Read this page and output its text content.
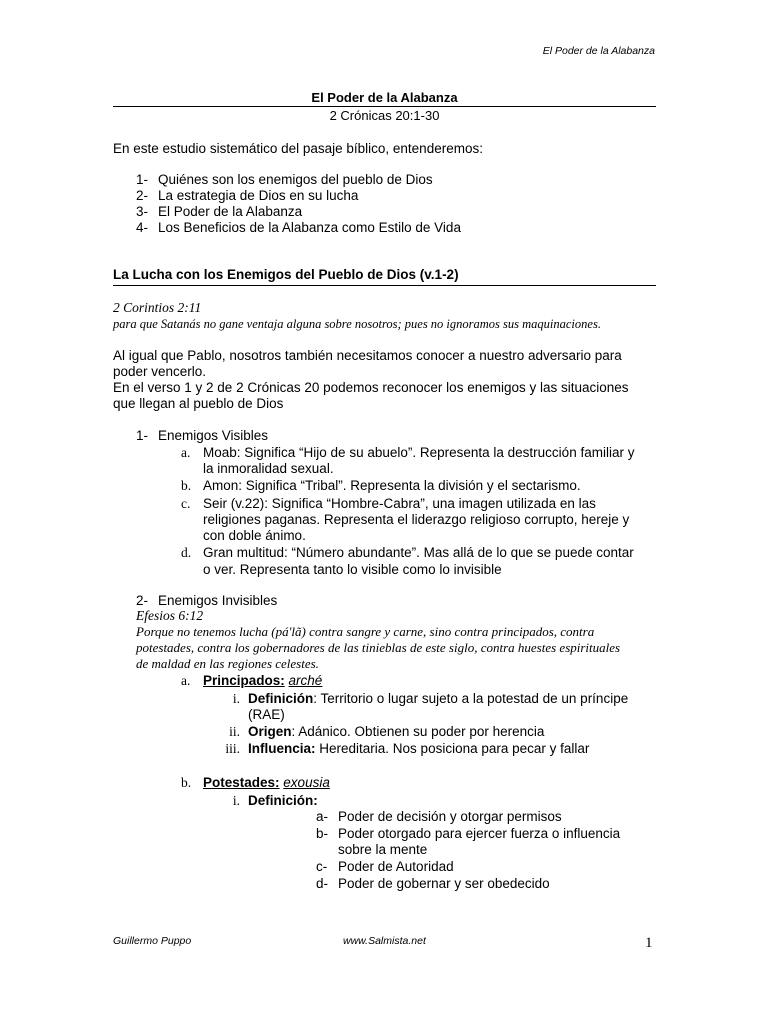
El Poder de la Alabanza
El Poder de la Alabanza
2 Crónicas 20:1-30
En este estudio sistemático del pasaje bíblico, entenderemos:
1- Quiénes son los enemigos del pueblo de Dios
2- La estrategia de Dios en su lucha
3- El Poder de la Alabanza
4- Los Beneficios de la Alabanza como Estilo de Vida
La Lucha con los Enemigos del Pueblo de Dios (v.1-2)
2 Corintios 2:11
para que Satanás no gane ventaja alguna sobre nosotros; pues no ignoramos sus maquinaciones.
Al igual que Pablo, nosotros también necesitamos conocer a nuestro adversario para
poder vencerlo.
En el verso 1 y 2 de 2 Crónicas 20 podemos reconocer los enemigos y las situaciones
que llegan al pueblo de Dios
1- Enemigos Visibles
a. Moab: Significa “Hijo de su abuelo”. Representa la destrucción familiar y
la inmoralidad sexual.
b. Amon: Significa “Tribal”. Representa la división y el sectarismo.
c. Seir (v.22): Significa “Hombre-Cabra”, una imagen utilizada en las
religiones paganas. Representa el liderazgo religioso corrupto, hereje y
con doble ánimo.
d. Gran multitud: “Número abundante”. Mas allá de lo que se puede contar
o ver. Representa tanto lo visible como lo invisible
2- Enemigos Invisibles
Efesios 6:12
Porque no tenemos lucha (pá'lã) contra sangre y carne, sino contra principados, contra
potestades, contra los gobernadores de las tinieblas de este siglo, contra huestes espirituales
de maldad en las regiones celestes.
a. Principados: arché
i. Definición: Territorio o lugar sujeto a la potestad de un príncipe
(RAE)
ii. Origen: Adánico. Obtienen su poder por herencia
iii. Influencia: Hereditaria. Nos posiciona para pecar y fallar
b. Potestades: exousia
i. Definición:
a- Poder de decisión y otorgar permisos
b- Poder otorgado para ejercer fuerza o influencia
sobre la mente
c- Poder de Autoridad
d- Poder de gobernar y ser obedecido
Guillermo Puppo	www.Salmista.net	1
